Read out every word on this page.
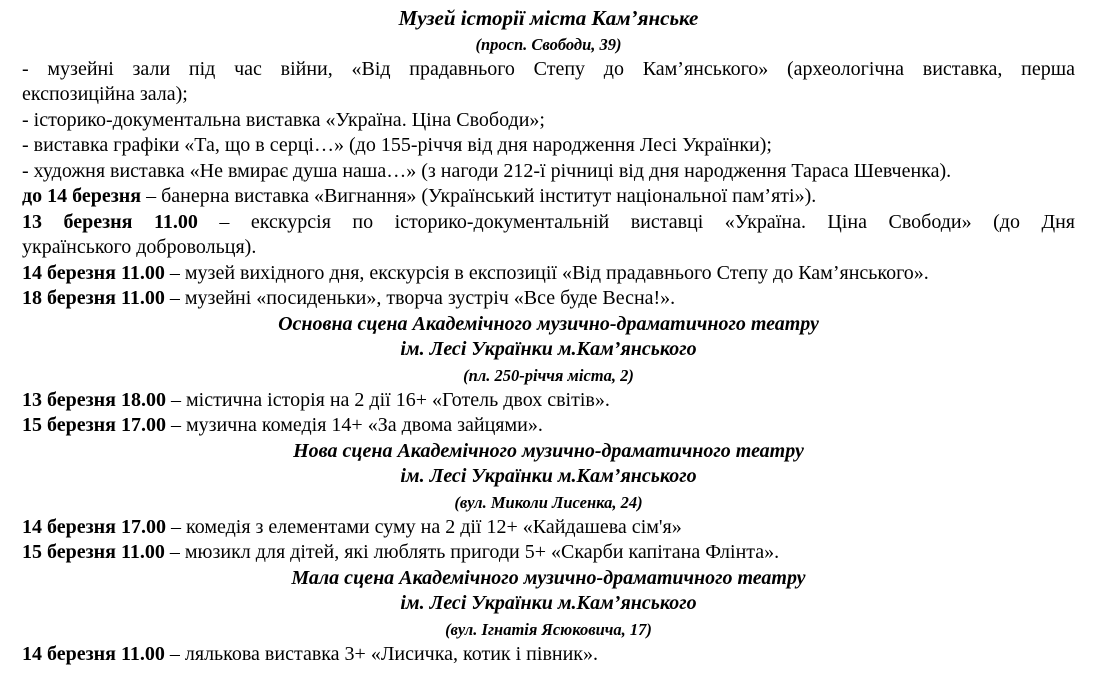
Музей історії міста Кам’янське
(просп. Свободи, 39)
- музейні зали під час війни, «Від прадавнього Степу до Кам’янського» (археологічна виставка, перша
експозиційна зала);
- історико-документальна виставка «Україна. Ціна Свободи»;
- виставка графіки «Та, що в серці…» (до 155-річчя від дня народження Лесі Українки);
- художня виставка «Не вмирає душа наша…» (з нагоди 212-ї річниці від дня народження Тараса Шевченка).
до 14 березня – банерна виставка «Вигнання» (Український інститут національної пам’яті»).
13 березня 11.00 – екскурсія по історико-документальній виставці «Україна. Ціна Свободи» (до Дня
українського добровольця).
14 березня 11.00 – музей вихідного дня, екскурсія в експозиції «Від прадавнього Степу до Кам’янського».
18 березня 11.00 – музейні «посиденьки», творча зустріч «Все буде Весна!».
Основна сцена Академічного музично-драматичного театру
ім. Лесі Українки м.Кам’янського
(пл. 250-річчя міста, 2)
13 березня 18.00 – містична історія на 2 дії 16+ «Готель двох світів».
15 березня 17.00 – музична комедія 14+ «За двома зайцями».
Нова сцена Академічного музично-драматичного театру
ім. Лесі Українки м.Кам’янського
(вул. Миколи Лисенка, 24)
14 березня 17.00 – комедія з елементами суму на 2 дії 12+ «Кайдашева сім'я»
15 березня 11.00 – мюзикл для дітей, які люблять пригоди 5+ «Скарби капітана Флінта».
Мала сцена Академічного музично-драматичного театру
ім. Лесі Українки м.Кам’янського
(вул. Ігнатія Ясюковича, 17)
14 березня 11.00 – лялькова виставка 3+ «Лисичка, котик і півник».
